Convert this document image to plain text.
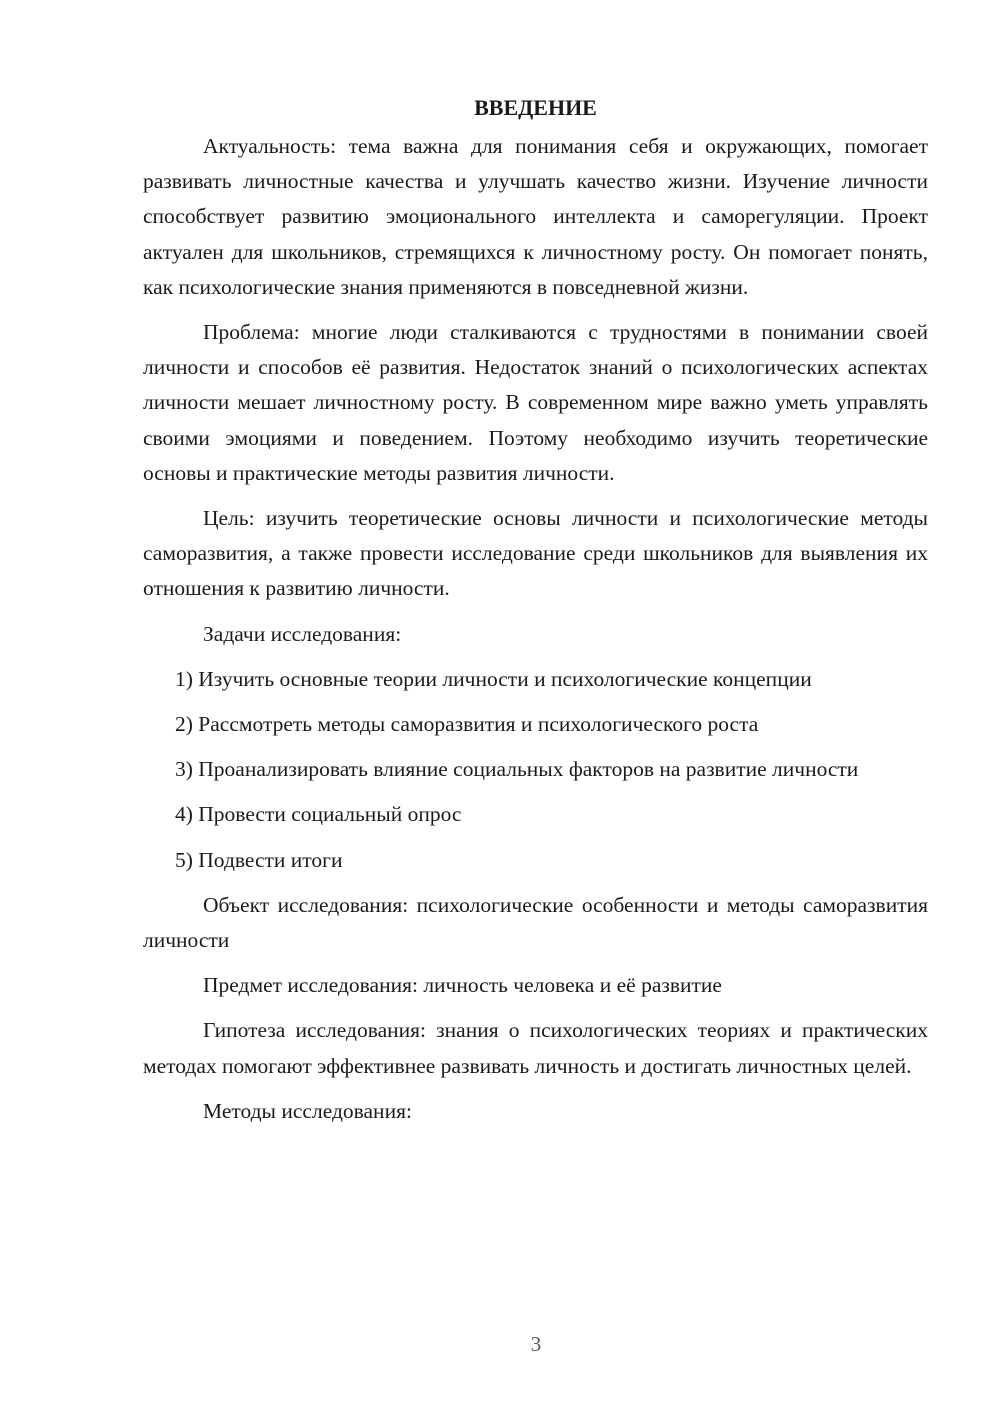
ВВЕДЕНИЕ

Актуальность: тема важна для понимания себя и окружающих, помогает развивать личностные качества и улучшать качество жизни. Изучение личности способствует развитию эмоционального интеллекта и саморегуляции. Проект актуален для школьников, стремящихся к личностному росту. Он помогает понять, как психологические знания применяются в повседневной жизни.

Проблема: многие люди сталкиваются с трудностями в понимании своей личности и способов её развития. Недостаток знаний о психологических аспектах личности мешает личностному росту. В современном мире важно уметь управлять своими эмоциями и поведением. Поэтому необходимо изучить теоретические основы и практические методы развития личности.

Цель: изучить теоретические основы личности и психологические методы саморазвития, а также провести исследование среди школьников для выявления их отношения к развитию личности.

Задачи исследования:

1) Изучить основные теории личности и психологические концепции

2) Рассмотреть методы саморазвития и психологического роста

3) Проанализировать влияние социальных факторов на развитие личности

4) Провести социальный опрос

5) Подвести итоги

Объект исследования: психологические особенности и методы саморазвития личности

Предмет исследования: личность человека и её развитие

Гипотеза исследования: знания о психологических теориях и практических методах помогают эффективнее развивать личность и достигать личностных целей.

Методы исследования:

3
